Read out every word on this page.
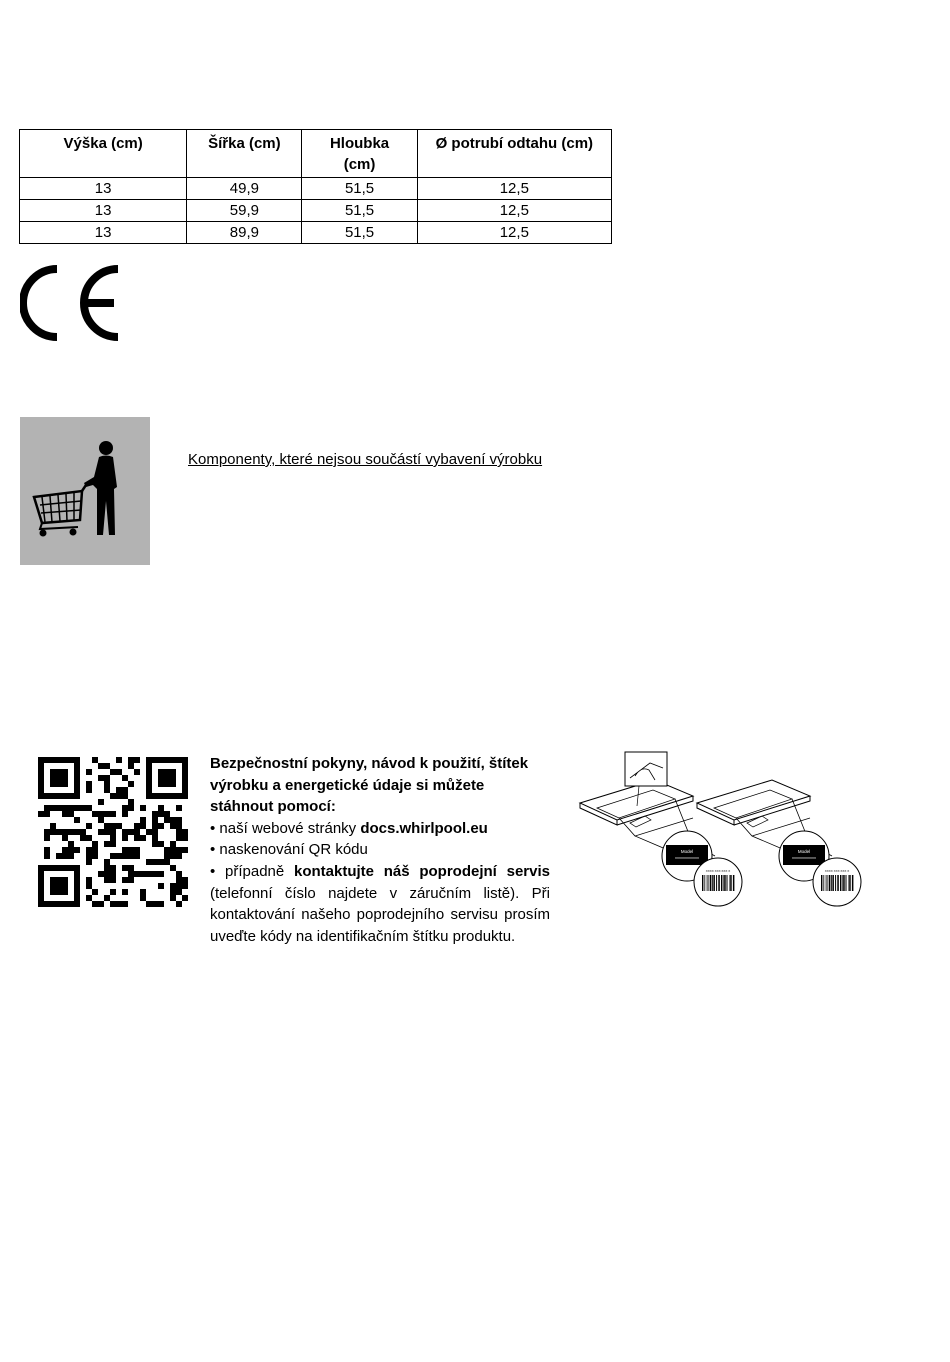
Výška (cm)	Šířka (cm)	Hloubka (cm)	Ø potrubí odtahu (cm)
13	49,9	51,5	12,5
13	59,9	51,5	12,5
13	89,9	51,5	12,5
Komponenty, které nejsou součástí vybavení výrobku

Bezpečnostní pokyny, návod k použití, štítek výrobku a energetické údaje si můžete stáhnout pomocí:

• naší webové stránky docs.whirlpool.eu

• naskenování QR kódu

• případně kontaktujte náš poprodejní servis (telefonní číslo najdete v záručním listě). Při kontaktování našeho poprodejního servisu prosím uveďte kódy na identifikačním štítku produktu.

Model
XXXXXXXXXXXX
XXXX XXX XXX X
Model
XXXXXXXXXXXX
XXXX XXX XXX X
